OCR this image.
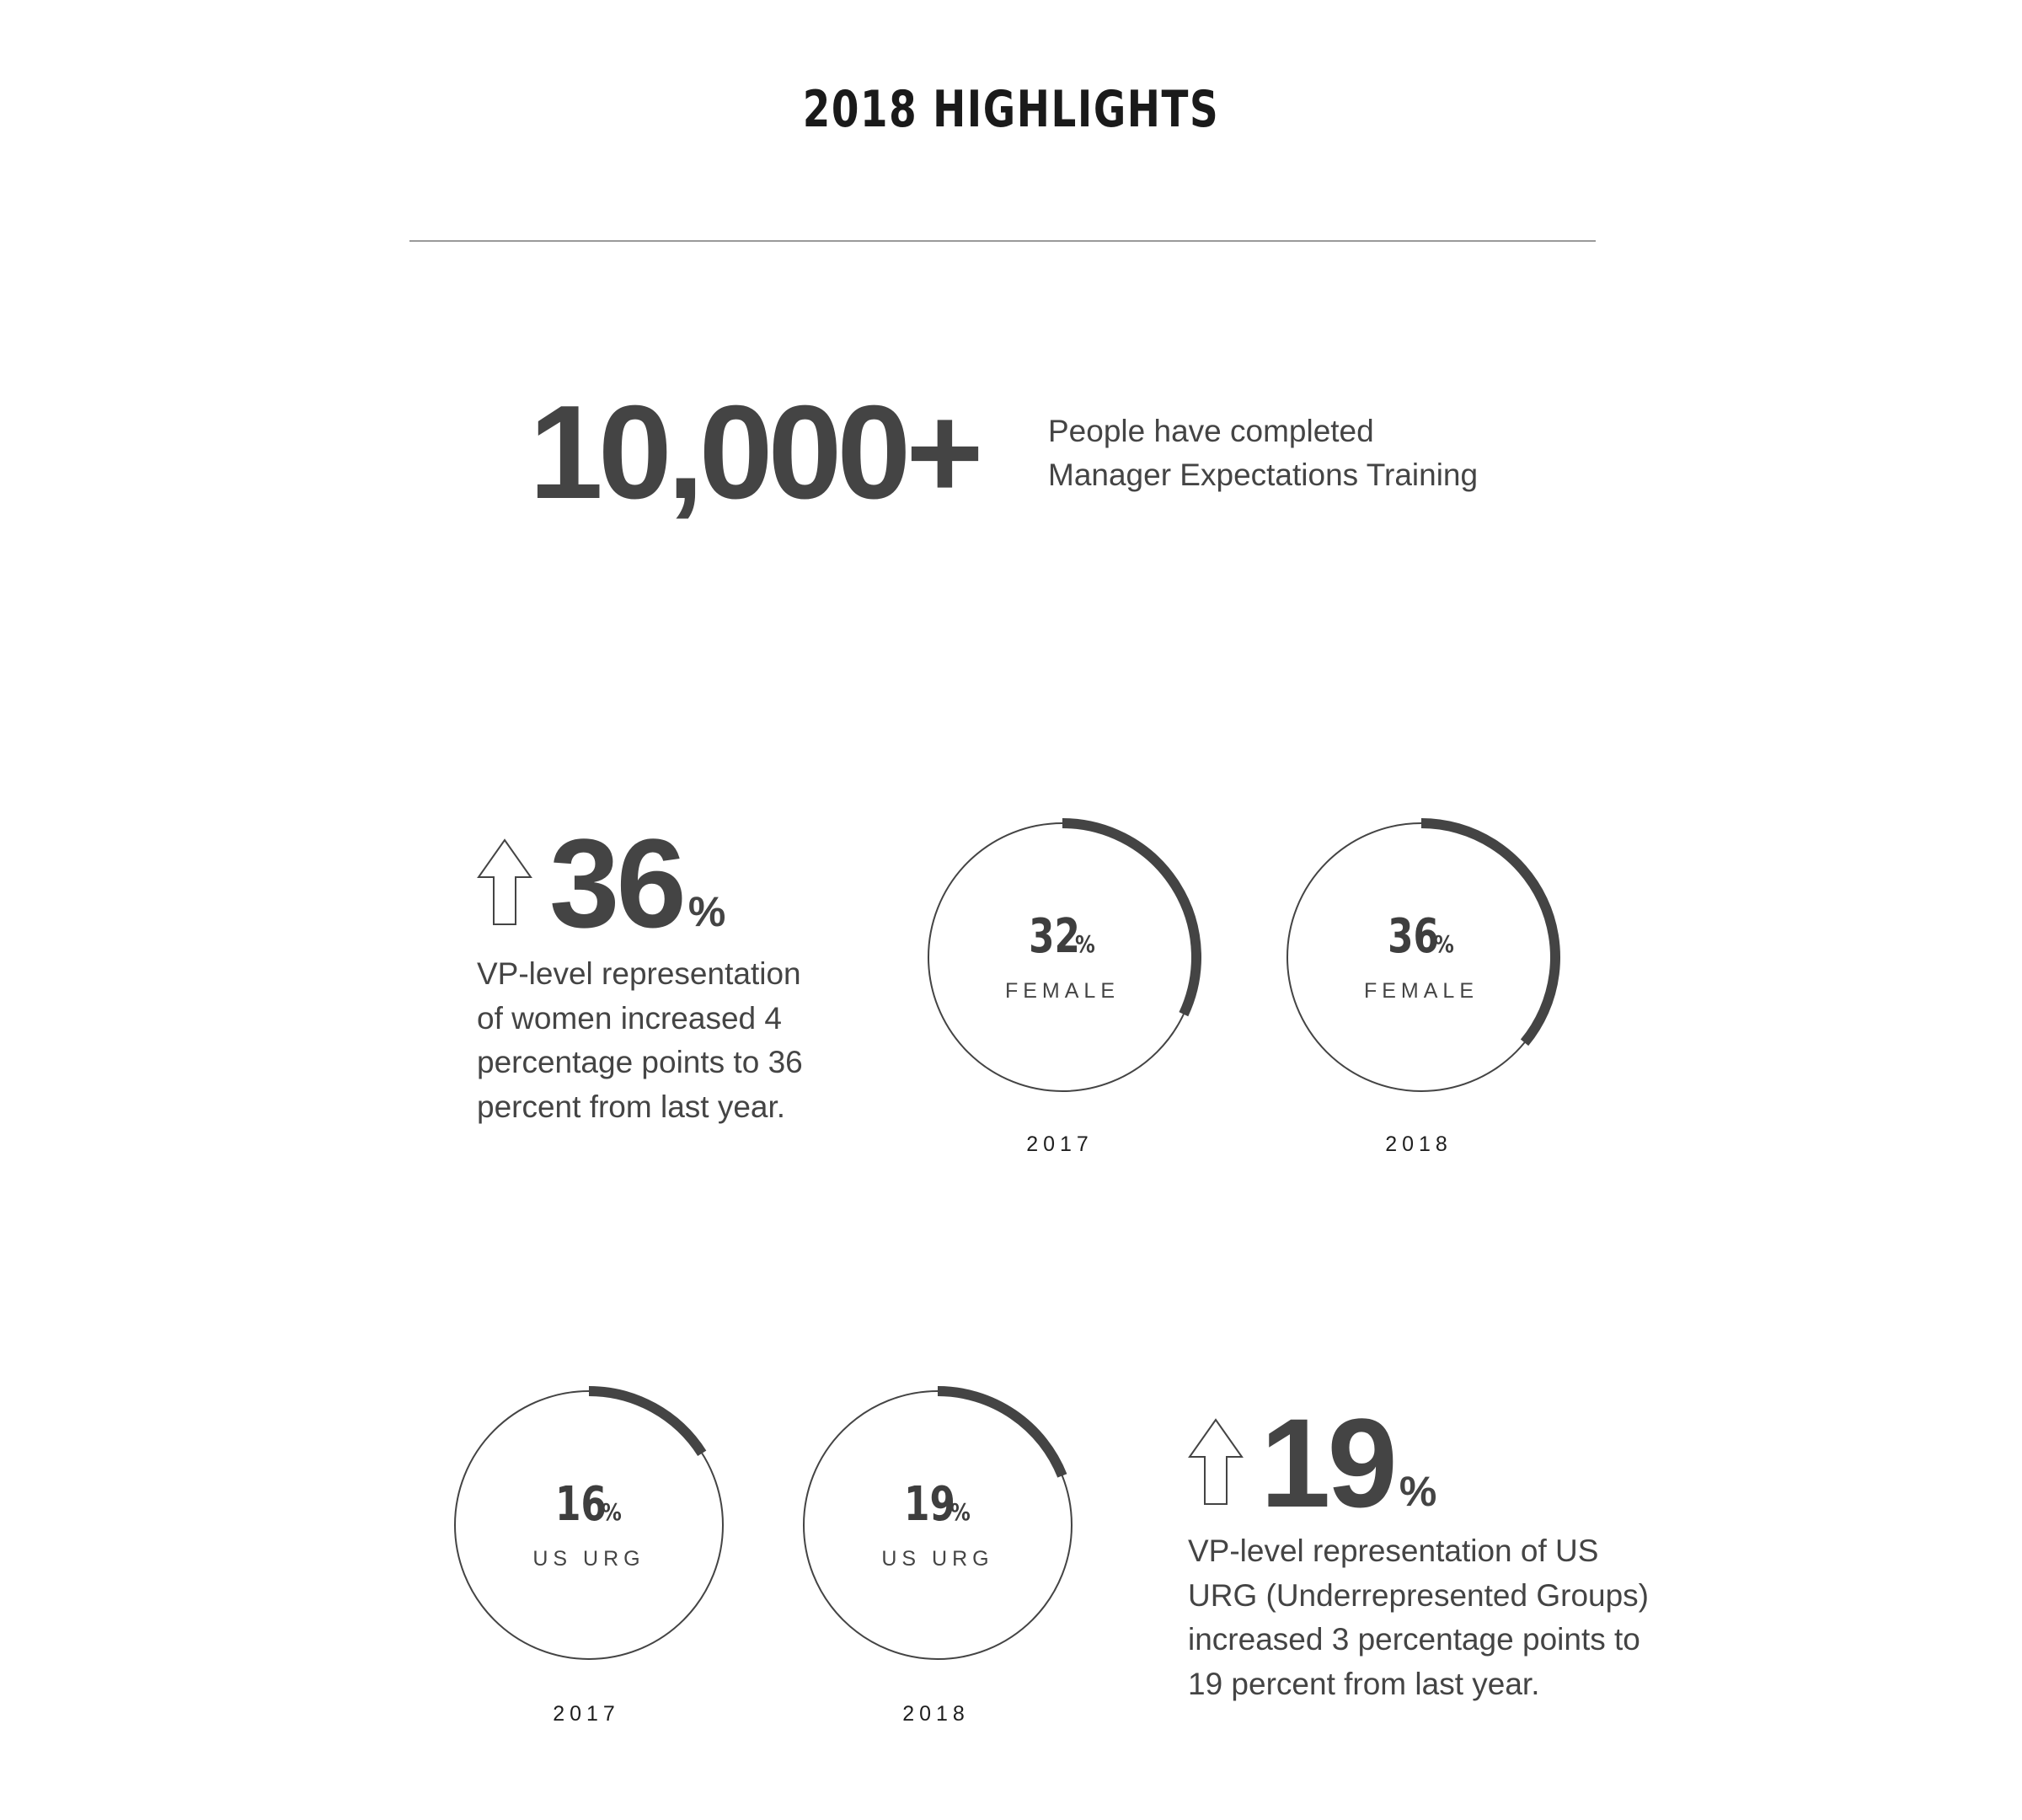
2018 HIGHLIGHTS
10,000+ People have completed
Manager Expectations Training
36 %
VP-level representation
of women increased 4
percentage points to 36
percent from last year.
32%
FEMALE
2017
36%
FEMALE
2018
16%
US URG
2017
19%
US URG
2018
19 %
VP-level representation of US
URG (Underrepresented Groups)
increased 3 percentage points to
19 percent from last year.
